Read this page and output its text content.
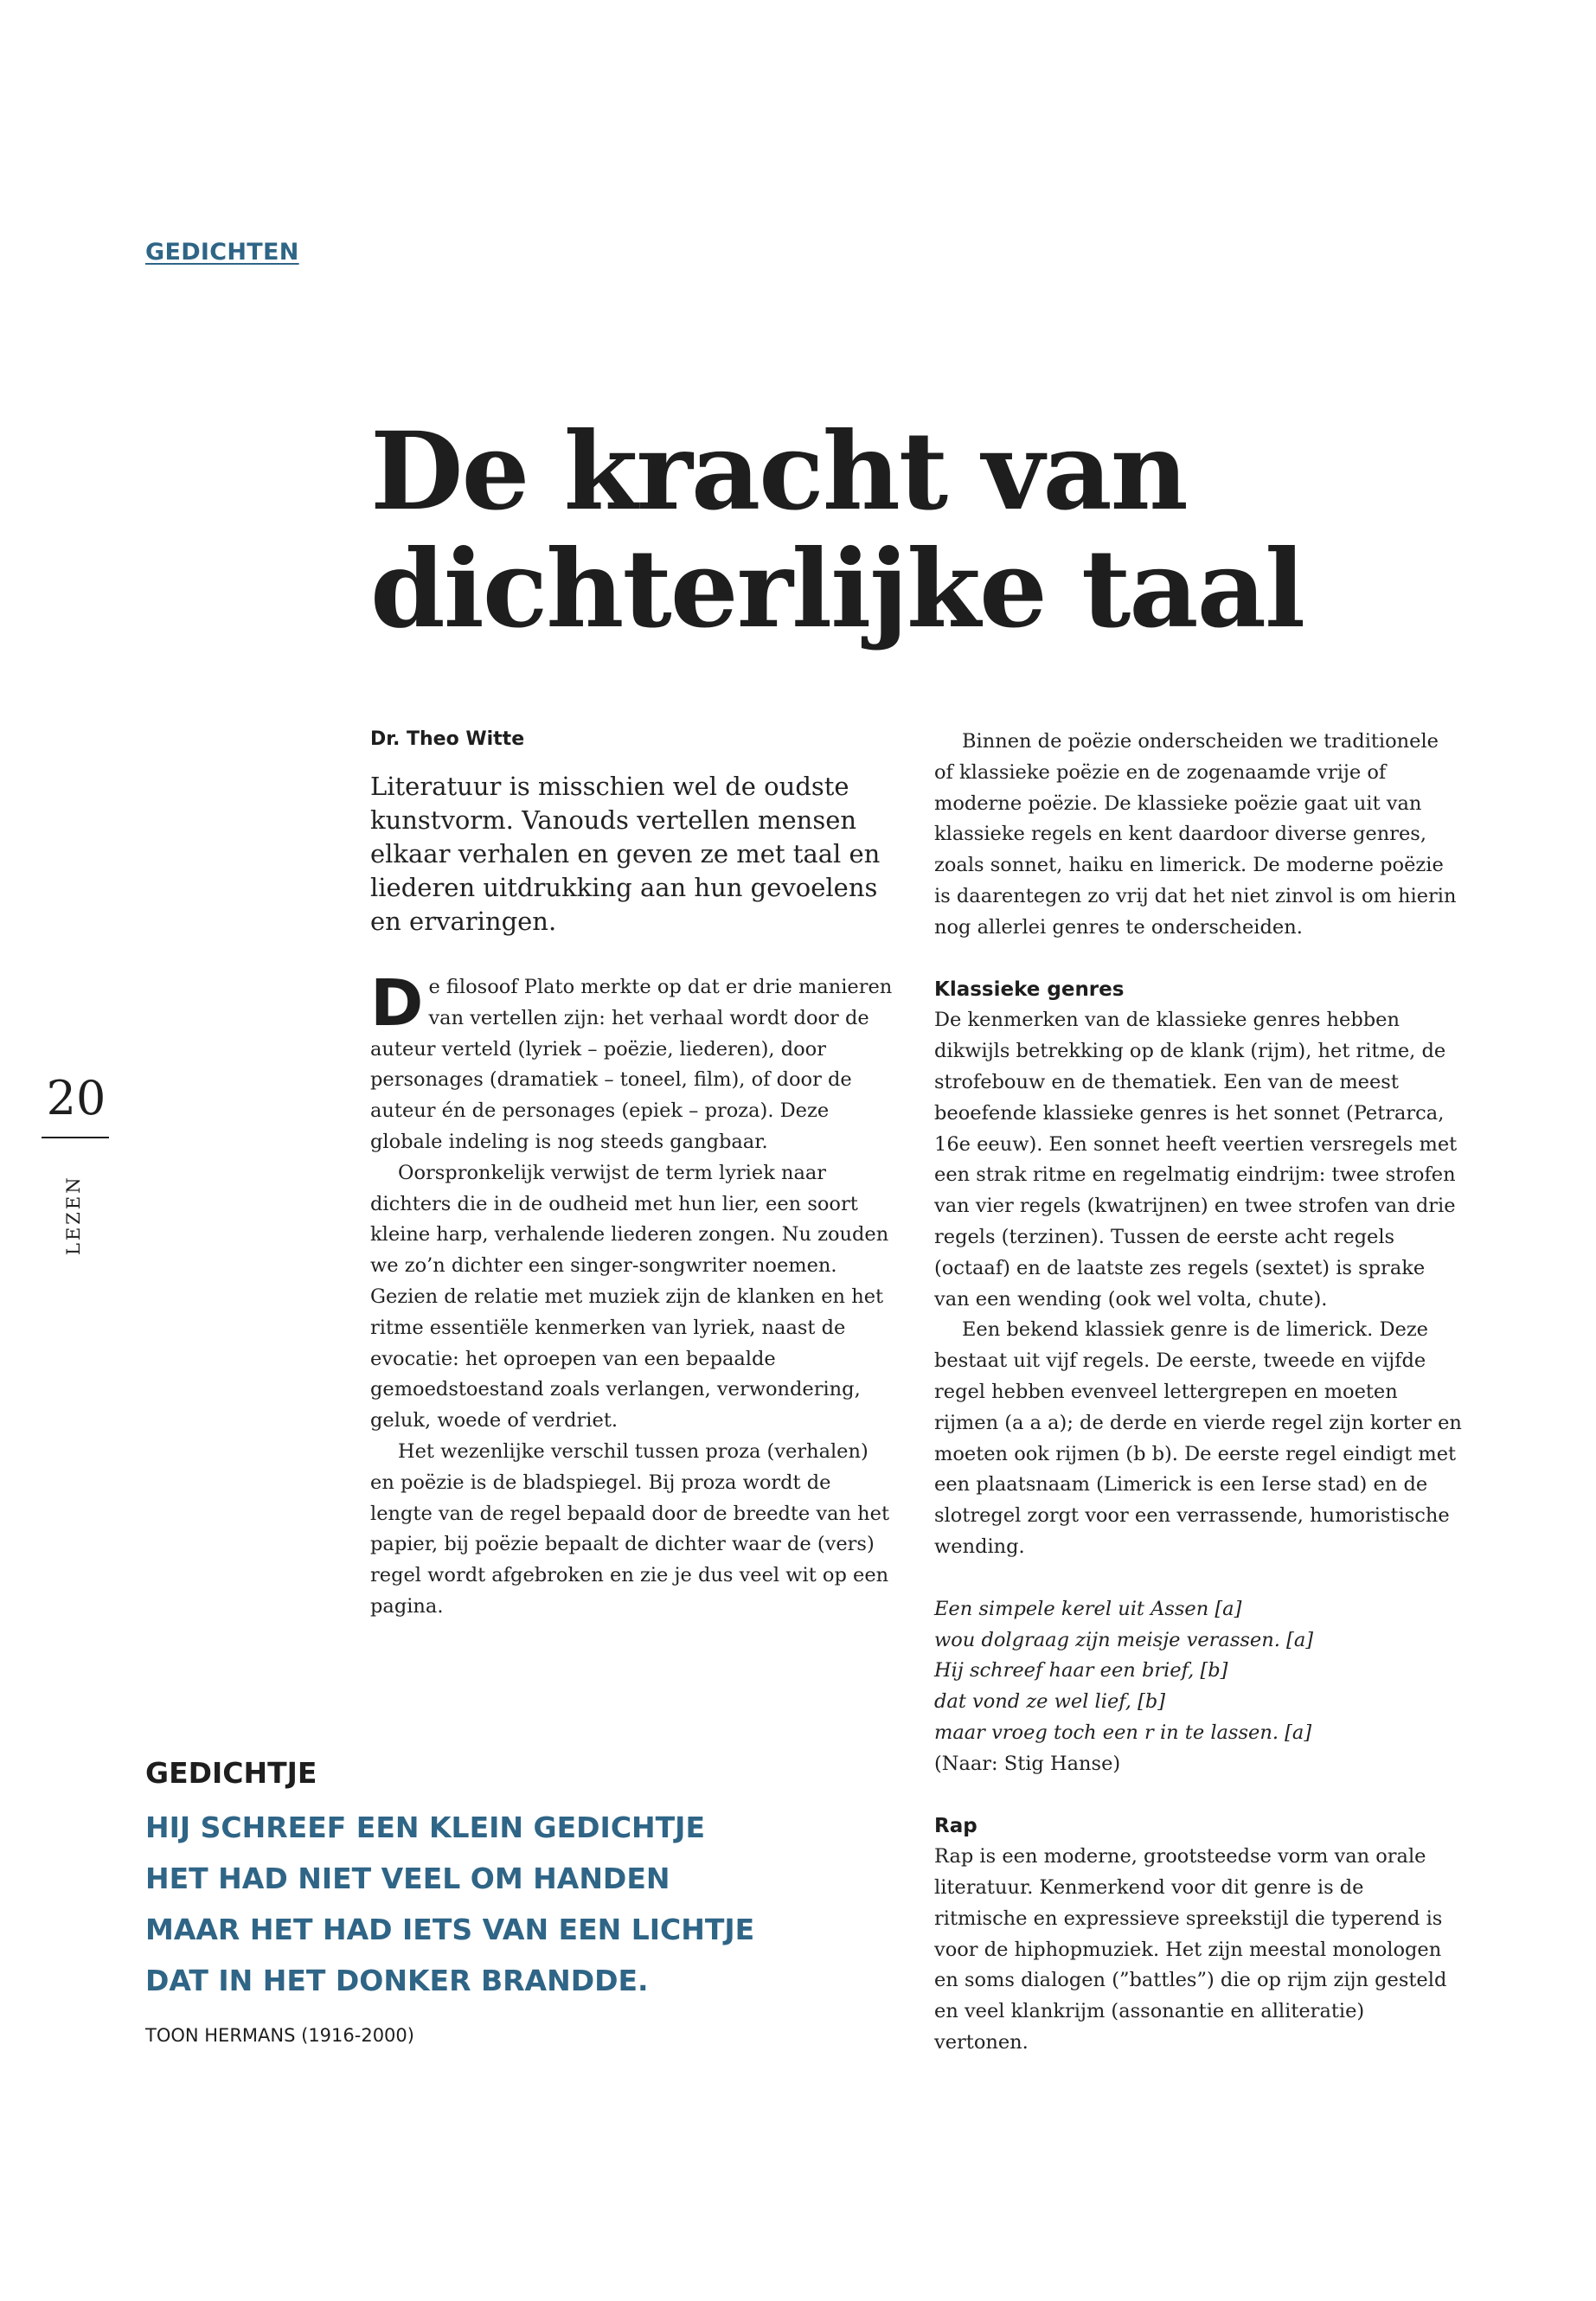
GEDICHTEN
De kracht van
dichterlijke taal
20
LEZEN
Dr. Theo Witte

Literatuur is misschien wel de oudste kunstvorm. Vanouds vertellen mensen elkaar verhalen en geven ze met taal en liederen uitdrukking aan hun gevoelens en ervaringen.

De filosoof Plato merkte op dat er drie manieren van vertellen zijn: het verhaal wordt door de auteur verteld (lyriek – poëzie, liederen), door personages (dramatiek – toneel, film), of door de auteur én de personages (epiek – proza). Deze globale indeling is nog steeds gangbaar.

Oorspronkelijk verwijst de term lyriek naar dichters die in de oudheid met hun lier, een soort kleine harp, verhalende liederen zongen. Nu zouden we zo’n dichter een singer-songwriter noemen. Gezien de relatie met muziek zijn de klanken en het ritme essentiële kenmerken van lyriek, naast de evocatie: het oproepen van een bepaalde gemoedstoestand zoals verlangen, verwondering, geluk, woede of verdriet.

Het wezenlijke verschil tussen proza (verhalen) en poëzie is de bladspiegel. Bij proza wordt de lengte van de regel bepaald door de breedte van het papier, bij poëzie bepaalt de dichter waar de (vers) regel wordt afgebroken en zie je dus veel wit op een pagina.

Binnen de poëzie onderscheiden we traditionele of klassieke poëzie en de zogenaamde vrije of moderne poëzie. De klassieke poëzie gaat uit van klassieke regels en kent daardoor diverse genres, zoals sonnet, haiku en limerick. De moderne poëzie is daarentegen zo vrij dat het niet zinvol is om hierin nog allerlei genres te onderscheiden.

Klassieke genres

De kenmerken van de klassieke genres hebben dikwijls betrekking op de klank (rijm), het ritme, de strofebouw en de thematiek. Een van de meest beoefende klassieke genres is het sonnet (Petrarca, 16e eeuw). Een sonnet heeft veertien versregels met een strak ritme en regelmatig eindrijm: twee strofen van vier regels (kwatrijnen) en twee strofen van drie regels (terzinen). Tussen de eerste acht regels (octaaf) en de laatste zes regels (sextet) is sprake van een wending (ook wel volta, chute).

Een bekend klassiek genre is de limerick. Deze bestaat uit vijf regels. De eerste, tweede en vijfde regel hebben evenveel lettergrepen en moeten rijmen (a a a); de derde en vierde regel zijn korter en moeten ook rijmen (b b). De eerste regel eindigt met een plaatsnaam (Limerick is een Ierse stad) en de slotregel zorgt voor een verrassende, humoristische wending.

Een simpele kerel uit Assen [a]
wou dolgraag zijn meisje verassen. [a]
Hij schreef haar een brief, [b]
dat vond ze wel lief, [b]
maar vroeg toch een r in te lassen. [a]
(Naar: Stig Hanse)
Rap

Rap is een moderne, grootsteedse vorm van orale literatuur. Kenmerkend voor dit genre is de ritmische en expressieve spreekstijl die typerend is voor de hiphopmuziek. Het zijn meestal monologen en soms dialogen (”battles”) die op rijm zijn gesteld en veel klankrijm (assonantie en alliteratie) vertonen.

GEDICHTJE
HIJ SCHREEF EEN KLEIN GEDICHTJE
HET HAD NIET VEEL OM HANDEN
MAAR HET HAD IETS VAN EEN LICHTJE
DAT IN HET DONKER BRANDDE.
TOON HERMANS (1916-2000)
